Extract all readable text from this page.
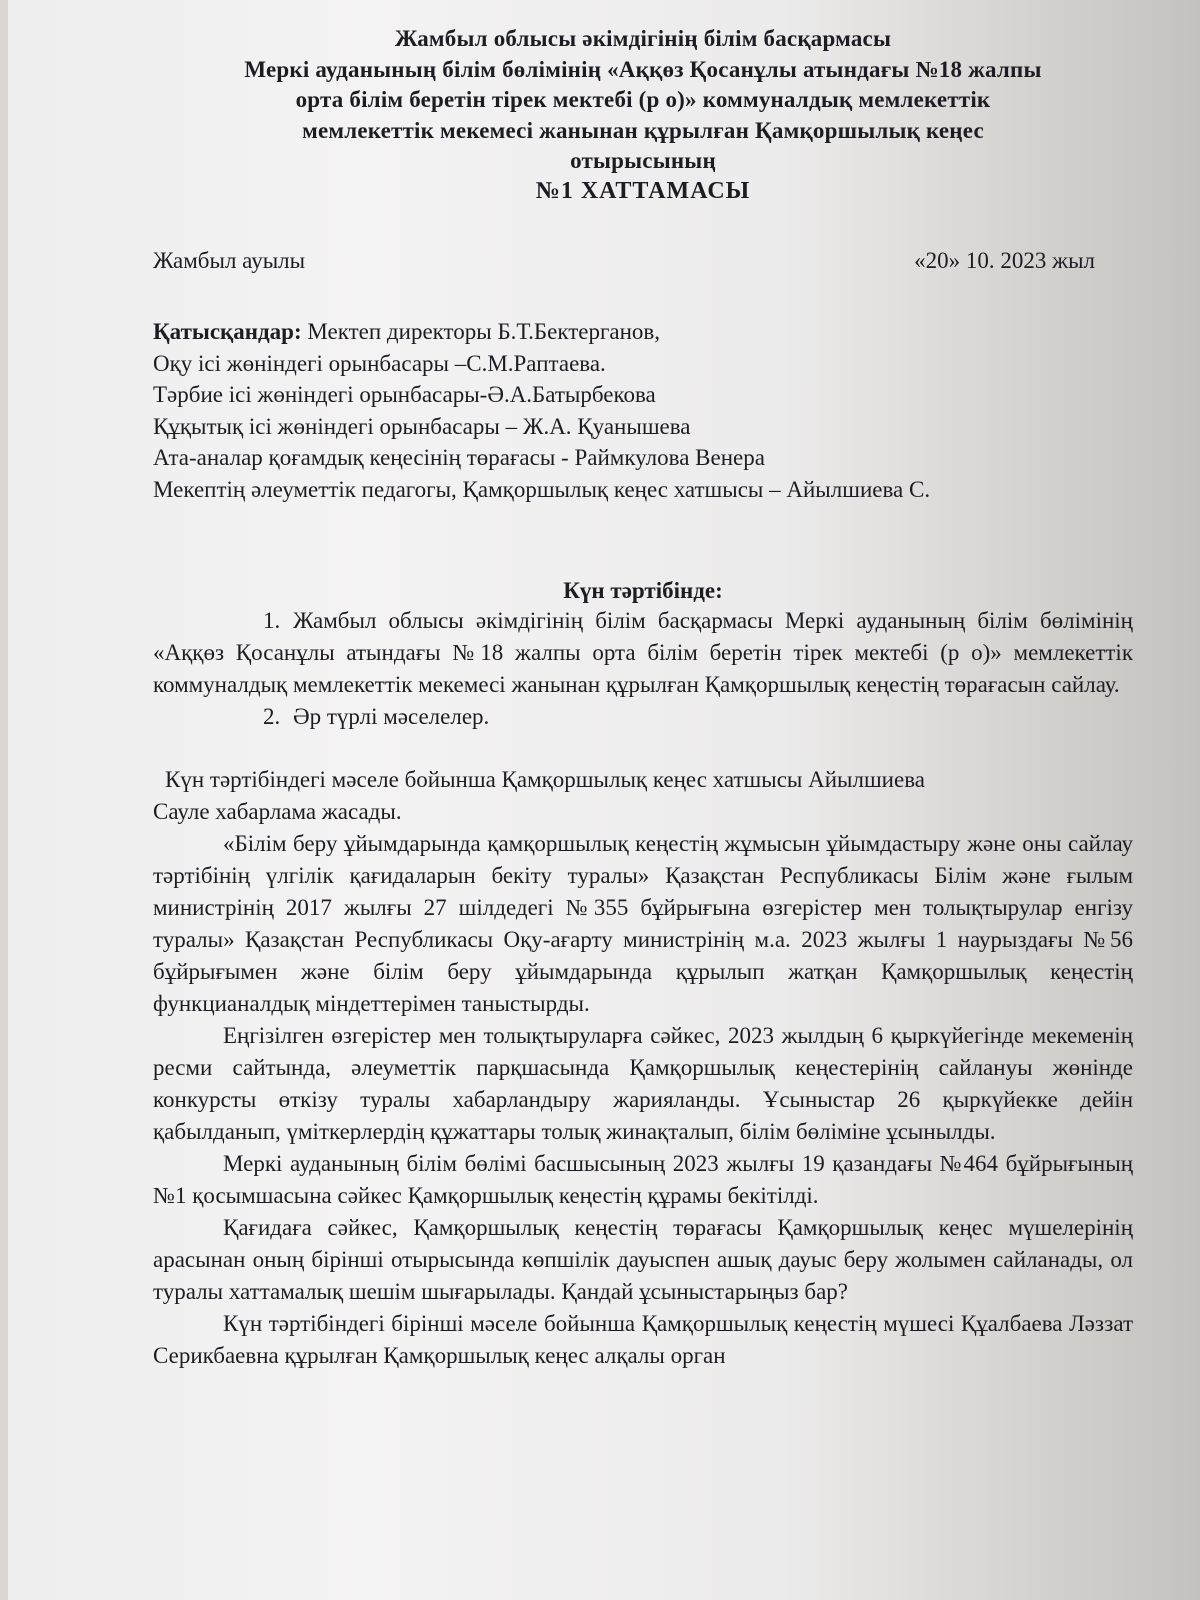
Жамбыл облысы әкімдігінің білім басқармасы
Меркі ауданының білім бөлімінің «Аққөз Қосанұлы атындағы №18 жалпы
орта білім беретін тірек мектебі (р о)» коммуналдық мемлекеттік
мемлекеттік мекемесі жанынан құрылған Қамқоршылық кеңес
отырысының
№1 ХАТТАМАСЫ
Жамбыл ауылы	«20» 10. 2023 жыл
Қатысқандар: Мектеп директоры Б.Т.Бектерганов,
Оқу ісі жөніндегі орынбасары –С.М.Раптаева.
Тәрбие ісі жөніндегі орынбасары-Ә.А.Батырбекова
Құқытық ісі жөніндегі орынбасары – Ж.А. Қуанышева
Ата-аналар қоғамдық кеңесінің төрағасы - Раймкулова Венера
Мекептің әлеуметтік педагогы, Қамқоршылық кеңес хатшысы – Айылшиева С.
Күн тәртібінде:

1. Жамбыл облысы әкімдігінің білім басқармасы Меркі ауданының білім бөлімінің «Аққөз Қосанұлы атындағы №18 жалпы орта білім беретін тірек мектебі (р о)» мемлекеттік коммуналдық мемлекеттік мекемесі жанынан құрылған Қамқоршылық кеңестің төрағасын сайлау.

2. Әр түрлі мәселелер.

Күн тәртібіндегі мәселе бойынша Қамқоршылық кеңес хатшысы Айылшиева

Сауле хабарлама жасады.

«Білім беру ұйымдарында қамқоршылық кеңестің жұмысын ұйымдастыру және оны сайлау тәртібінің үлгілік қағидаларын бекіту туралы» Қазақстан Республикасы Білім және ғылым министрінің 2017 жылғы 27 шілдедегі №355 бұйрығына өзгерістер мен толықтырулар енгізу туралы» Қазақстан Республикасы Оқу-ағарту министрінің м.а. 2023 жылғы 1 наурыздағы №56 бұйрығымен және білім беру ұйымдарында құрылып жатқан Қамқоршылық кеңестің функцианалдық міндеттерімен таныстырды.

Еңгізілген өзгерістер мен толықтыруларға сәйкес, 2023 жылдың 6 қыркүйегінде мекеменің ресми сайтында, әлеуметтік парқшасында Қамқоршылық кеңестерінің сайлануы жөнінде конкурсты өткізу туралы хабарландыру жарияланды. Ұсыныстар 26 қыркүйекке дейін қабылданып, үміткерлердің құжаттары толық жинақталып, білім бөліміне ұсынылды.

Меркі ауданының білім бөлімі басшысының 2023 жылғы 19 қазандағы №464 бұйрығының №1 қосымшасына сәйкес Қамқоршылық кеңестің құрамы бекітілді.

Қағидаға сәйкес, Қамқоршылық кеңестің төрағасы Қамқоршылық кеңес мүшелерінің арасынан оның бірінші отырысында көпшілік дауыспен ашық дауыс беру жолымен сайланады, ол туралы хаттамалық шешім шығарылады. Қандай ұсыныстарыңыз бар?

Күн тәртібіндегі бірінші мәселе бойынша Қамқоршылық кеңестің мүшесі Құалбаева Ләззат Серикбаевна құрылған Қамқоршылық кеңес алқалы орган
